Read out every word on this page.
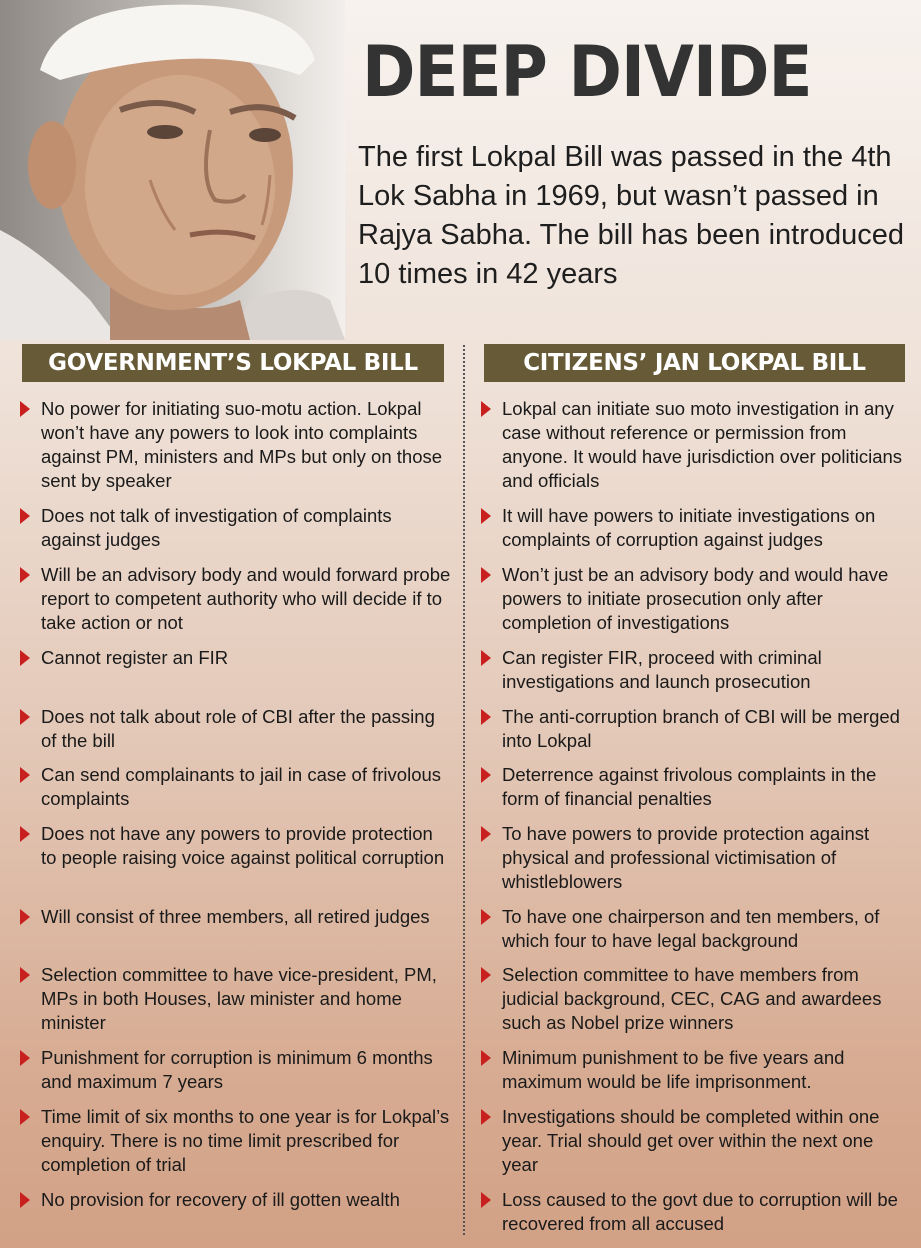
DEEP DIVIDE
The first Lokpal Bill was passed in the 4th Lok Sabha in 1969, but wasn’t passed in Rajya Sabha. The bill has been introduced 10 times in 42 years
GOVERNMENT’S LOKPAL BILL	CITIZENS’ JAN LOKPAL BILL
No power for initiating suo-motu action. Lokpal won’t have any powers to look into complaints against PM, ministers and MPs but only on those sent by speaker
Does not talk of investigation of complaints against judges
Will be an advisory body and would forward probe report to competent authority who will decide if to take action or not
Cannot register an FIR
Does not talk about role of CBI after the passing of the bill
Can send complainants to jail in case of frivolous complaints
Does not have any powers to provide protection to people raising voice against political corruption
Will consist of three members, all retired judges
Selection committee to have vice-president, PM, MPs in both Houses, law minister and home minister
Punishment for corruption is minimum 6 months and maximum 7 years
Time limit of six months to one year is for Lokpal’s enquiry. There is no time limit prescribed for completion of trial
No provision for recovery of ill gotten wealth
Lokpal can initiate suo moto investigation in any case without reference or permission from anyone. It would have jurisdiction over politicians and officials
It will have powers to initiate investigations on complaints of corruption against judges
Won’t just be an advisory body and would have powers to initiate prosecution only after completion of investigations
Can register FIR, proceed with criminal investigations and launch prosecution
The anti-corruption branch of CBI will be merged into Lokpal
Deterrence against frivolous complaints in the form of financial penalties
To have powers to provide protection against physical and professional victimisation of whistleblowers
To have one chairperson and ten members, of which four to have legal background
Selection committee to have members from judicial background, CEC, CAG and awardees such as Nobel prize winners
Minimum punishment to be five years and maximum would be life imprisonment.
Investigations should be completed within one year. Trial should get over within the next one year
Loss caused to the govt due to corruption will be recovered from all accused
